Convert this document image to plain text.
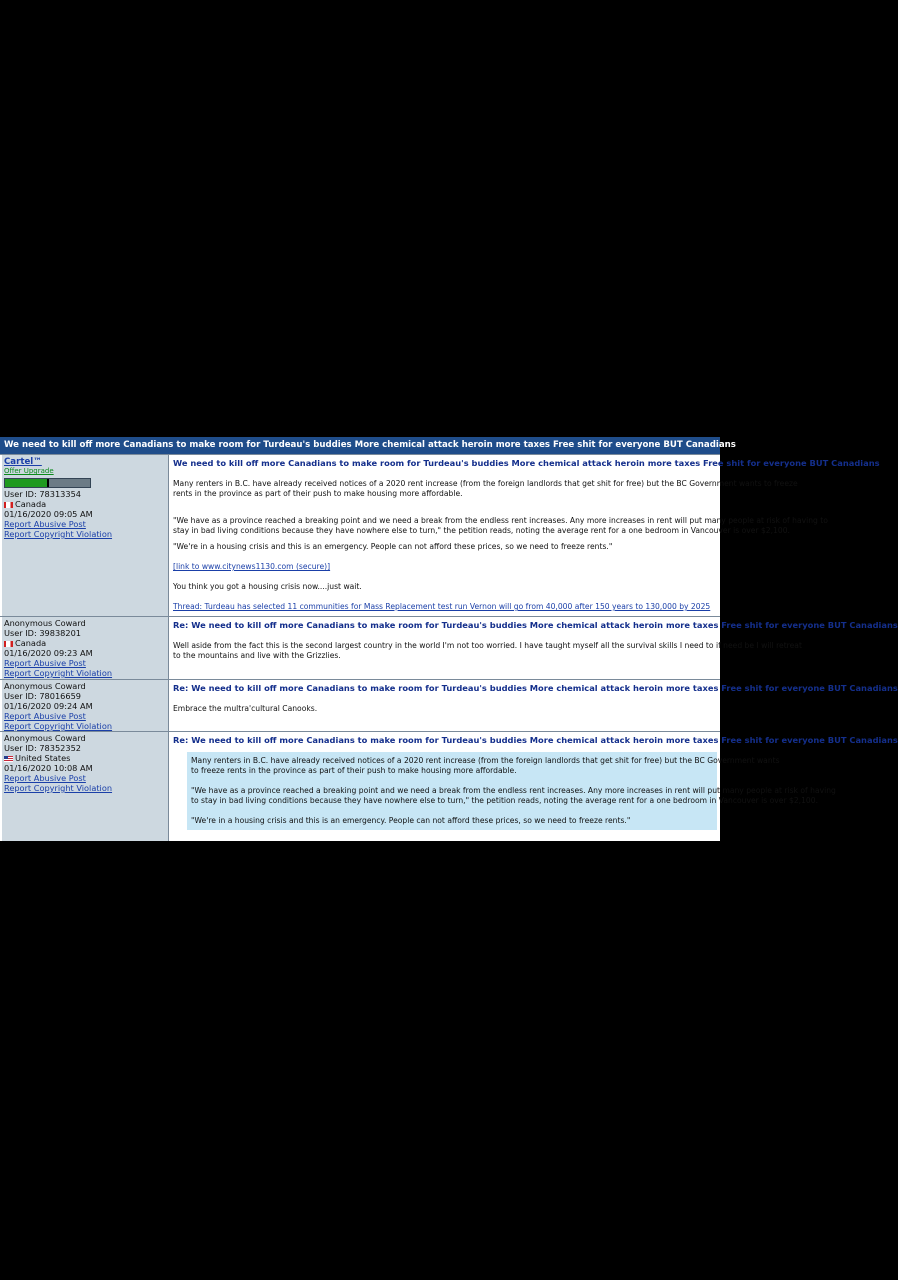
We need to kill off more Canadians to make room for Turdeau's buddies More chemical attack heroin more taxes Free shit for everyone BUT Canadians
Cartel™
Offer Upgrade
User ID: 78313354
Canada
01/16/2020 09:05 AM
Report Abusive Post
Report Copyright Violation
We need to kill off more Canadians to make room for Turdeau's buddies More chemical attack heroin more taxes Free shit for everyone BUT Canadians

Many renters in B.C. have already received notices of a 2020 rent increase (from the foreign landlords that get shit for free) but the BC Government wants to freeze

rents in the province as part of their push to make housing more affordable.

"We have as a province reached a breaking point and we need a break from the endless rent increases. Any more increases in rent will put many people at risk of having to

stay in bad living conditions because they have nowhere else to turn," the petition reads, noting the average rent for a one bedroom in Vancouver is over $2,100.

"We're in a housing crisis and this is an emergency. People can not afford these prices, so we need to freeze rents."

[link to www.citynews1130.com (secure)]

You think you got a housing crisis now....just wait.

Thread: Turdeau has selected 11 communities for Mass Replacement test run Vernon will go from 40,000 after 150 years to 130,000 by 2025
Anonymous Coward
User ID: 39838201
Canada
01/16/2020 09:23 AM
Report Abusive Post
Report Copyright Violation
Re: We need to kill off more Canadians to make room for Turdeau's buddies More chemical attack heroin more taxes Free shit for everyone BUT Canadians

Well aside from the fact this is the second largest country in the world I'm not too worried. I have taught myself all the survival skills I need to if need be I will retreat

to the mountains and live with the Grizzlies.

Anonymous Coward
User ID: 78016659
01/16/2020 09:24 AM
Report Abusive Post
Report Copyright Violation
Re: We need to kill off more Canadians to make room for Turdeau's buddies More chemical attack heroin more taxes Free shit for everyone BUT Canadians

Embrace the multra'cultural Canooks.

Anonymous Coward
User ID: 78352352
United States
01/16/2020 10:08 AM
Report Abusive Post
Report Copyright Violation
Re: We need to kill off more Canadians to make room for Turdeau's buddies More chemical attack heroin more taxes Free shit for everyone BUT Canadians

Many renters in B.C. have already received notices of a 2020 rent increase (from the foreign landlords that get shit for free) but the BC Government wants

to freeze rents in the province as part of their push to make housing more affordable.

"We have as a province reached a breaking point and we need a break from the endless rent increases. Any more increases in rent will put many people at risk of having

to stay in bad living conditions because they have nowhere else to turn," the petition reads, noting the average rent for a one bedroom in Vancouver is over $2,100.

"We're in a housing crisis and this is an emergency. People can not afford these prices, so we need to freeze rents."
